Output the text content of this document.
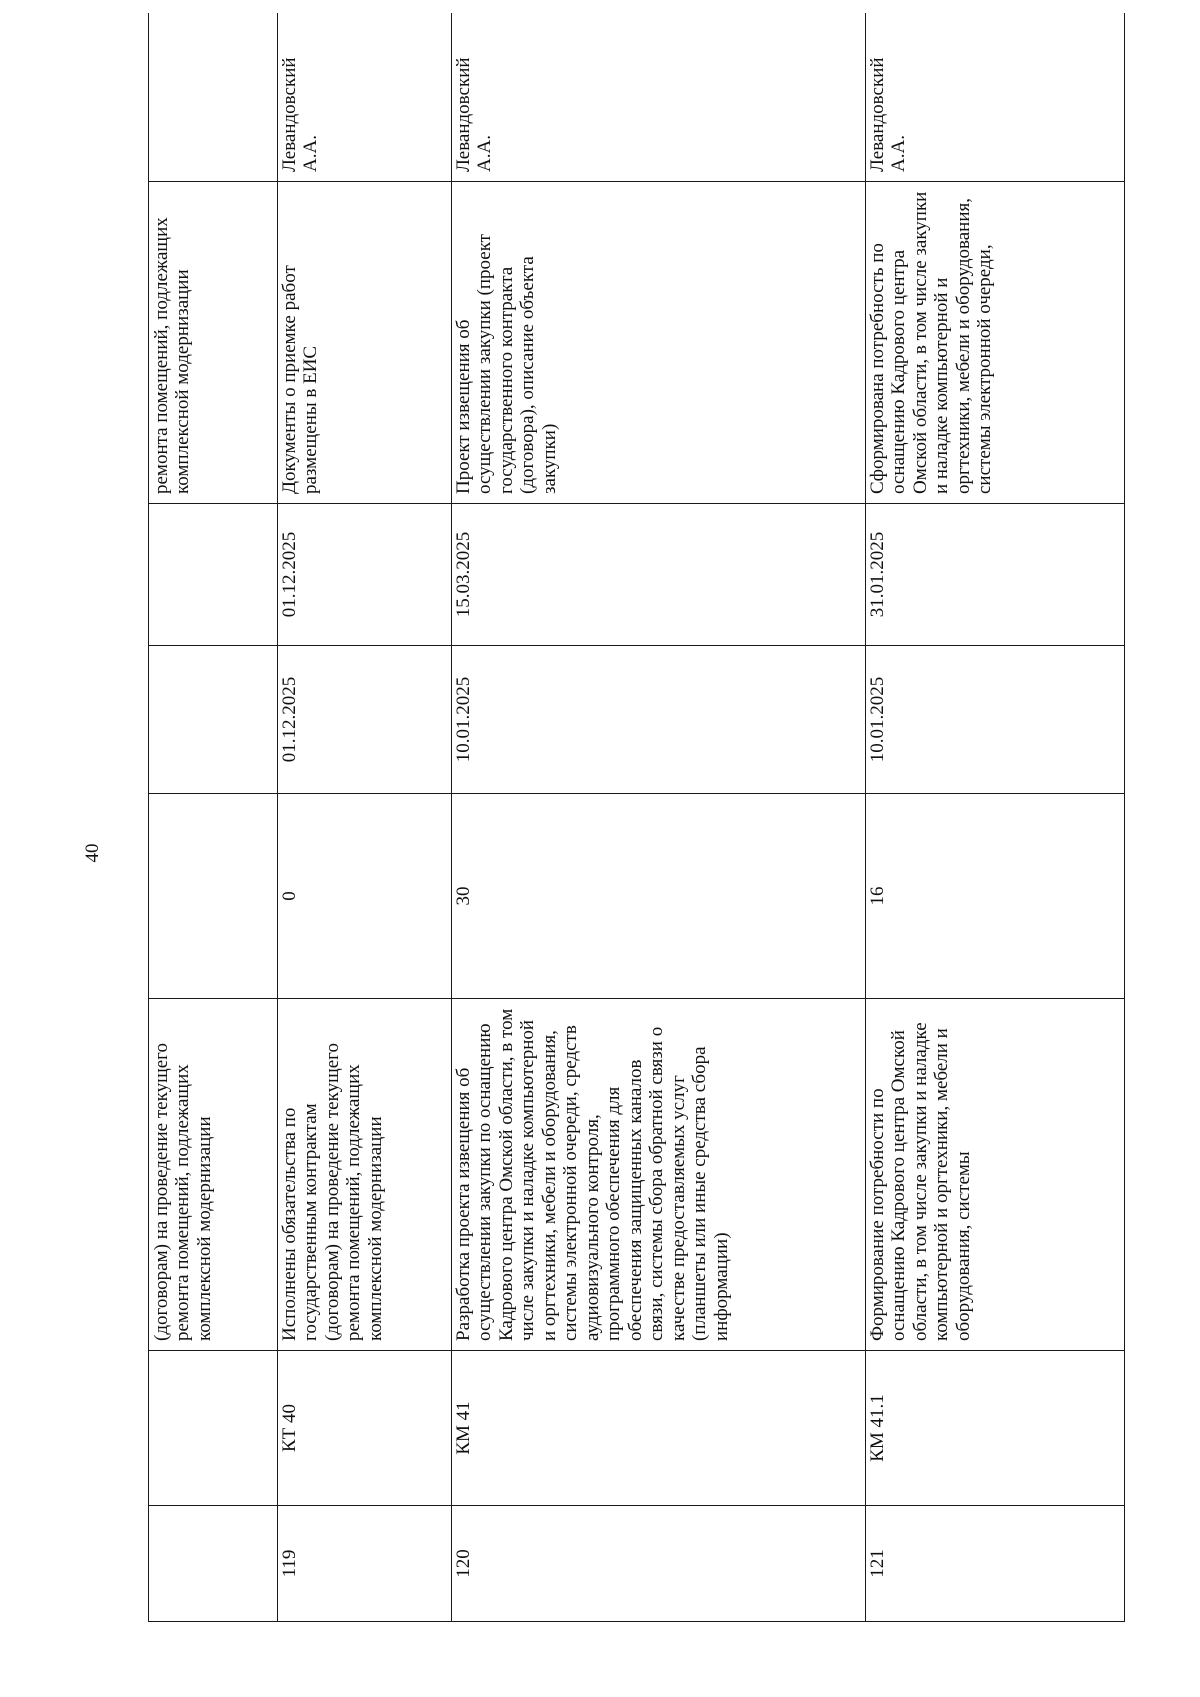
40
(договорам) на проведение текущего ремонта помещений, подлежащих комплексной модернизации
ремонта помещений, подлежащих комплексной модернизации
119
КТ 40
Исполнены обязательства по государственным контрактам (договорам) на проведение текущего ремонта помещений, подлежащих комплексной модернизации
0
01.12.2025
01.12.2025
Документы о приемке работ размещены в ЕИС
Левандовский А.А.
120
КМ 41
Разработка проекта извещения об осуществлении закупки по оснащению Кадрового центра Омской области, в том числе закупки и наладке компьютерной и оргтехники, мебели и оборудования, системы электронной очереди, средств аудиовизуального контроля, программного обеспечения для обеспечения защищенных каналов связи, системы сбора обратной связи о качестве предоставляемых услуг (планшеты или иные средства сбора информации)
30
10.01.2025
15.03.2025
Проект извещения об осуществлении закупки (проект государственного контракта (договора), описание объекта закупки)
Левандовский А.А.
121
КМ 41.1
Формирование потребности по оснащению Кадрового центра Омской области, в том числе закупки и наладке компьютерной и оргтехники, мебели и оборудования, системы
16
10.01.2025
31.01.2025
Сформирована потребность по оснащению Кадрового центра Омской области, в том числе закупки и наладке компьютерной и оргтехники, мебели и оборудования, системы электронной очереди,
Левандовский А.А.
